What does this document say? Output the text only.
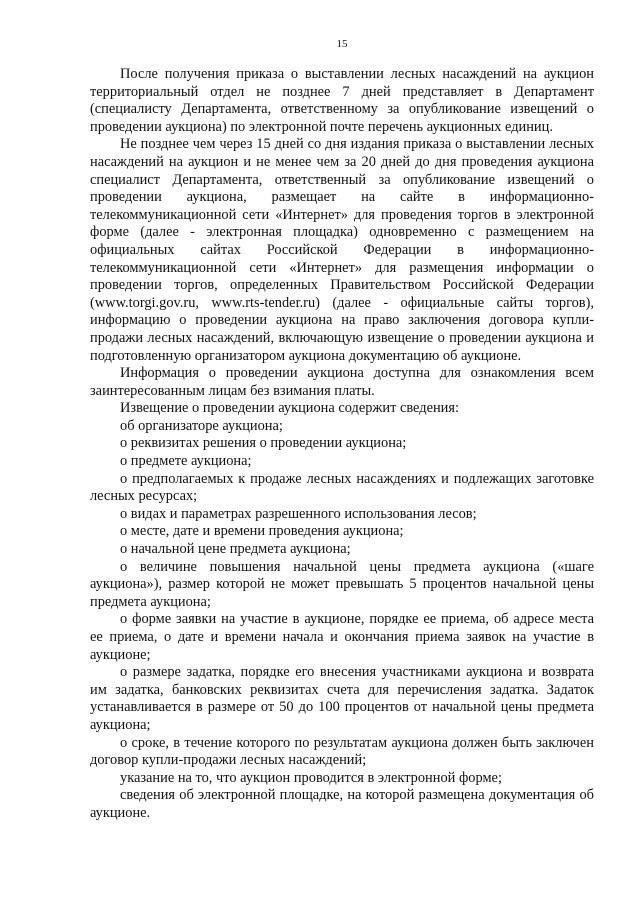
15

После получения приказа о выставлении лесных насаждений на аукцион территориальный отдел не позднее 7 дней представляет в Департамент (специалисту Департамента, ответственному за опубликование извещений о проведении аукциона) по электронной почте перечень аукционных единиц.

Не позднее чем через 15 дней со дня издания приказа о выставлении лесных насаждений на аукцион и не менее чем за 20 дней до дня проведения аукциона специалист Департамента, ответственный за опубликование извещений о проведении аукциона, размещает на сайте в информационно-телекоммуникационной сети «Интернет» для проведения торгов в электронной форме (далее - электронная площадка) одновременно с размещением на официальных сайтах Российской Федерации в информационно-телекоммуникационной сети «Интернет» для размещения информации о проведении торгов, определенных Правительством Российской Федерации (www.torgi.gov.ru, www.rts-tender.ru) (далее - официальные сайты торгов), информацию о проведении аукциона на право заключения договора купли-продажи лесных насаждений, включающую извещение о проведении аукциона и подготовленную организатором аукциона документацию об аукционе.

Информация о проведении аукциона доступна для ознакомления всем заинтересованным лицам без взимания платы.

Извещение о проведении аукциона содержит сведения:

об организаторе аукциона;

о реквизитах решения о проведении аукциона;

о предмете аукциона;

о предполагаемых к продаже лесных насаждениях и подлежащих заготовке лесных ресурсах;

о видах и параметрах разрешенного использования лесов;

о месте, дате и времени проведения аукциона;

о начальной цене предмета аукциона;

о величине повышения начальной цены предмета аукциона («шаге аукциона»), размер которой не может превышать 5 процентов начальной цены предмета аукциона;

о форме заявки на участие в аукционе, порядке ее приема, об адресе места ее приема, о дате и времени начала и окончания приема заявок на участие в аукционе;

о размере задатка, порядке его внесения участниками аукциона и возврата им задатка, банковских реквизитах счета для перечисления задатка. Задаток устанавливается в размере от 50 до 100 процентов от начальной цены предмета аукциона;

о сроке, в течение которого по результатам аукциона должен быть заключен договор купли-продажи лесных насаждений;

указание на то, что аукцион проводится в электронной форме;

сведения об электронной площадке, на которой размещена документация об аукционе.
